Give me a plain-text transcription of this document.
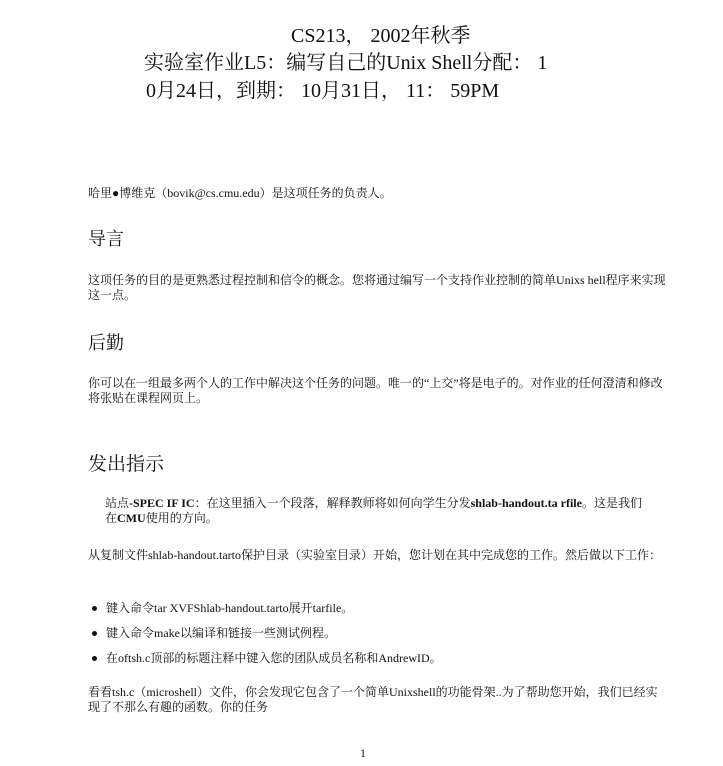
CS213， 2002年秋季
实验室作业L5：编写自己的Unix Shell分配： 1
0月24日，到期： 10月31日， 11： 59PM
哈里●博维克（bovik@cs.cmu.edu）是这项任务的负责人。
导言
这项任务的目的是更熟悉过程控制和信令的概念。您将通过编写一个支持作业控制的简单Unixs hell程序来实现这一点。
后勤
你可以在一组最多两个人的工作中解决这个任务的问题。唯一的“上交”将是电子的。对作业的任何澄清和修改将张贴在课程网页上。
发出指示
站点-SPEC IF IC：在这里插入一个段落，解释教师将如何向学生分发shlab-handout.ta rfile。这是我们在CMU使用的方向。
从复制文件shlab-handout.tarto保护目录（实验室目录）开始，您计划在其中完成您的工作。然后做以下工作：
键入命令tar XVFShlab-handout.tarto展开tarfile。
键入命令make以编译和链接一些测试例程。
在oftsh.c顶部的标题注释中键入您的团队成员名称和AndrewID。
看看tsh.c（microshell）文件，你会发现它包含了一个简单Unixshell的功能骨架..为了帮助您开始，我们已经实现了不那么有趣的函数。你的任务
1
